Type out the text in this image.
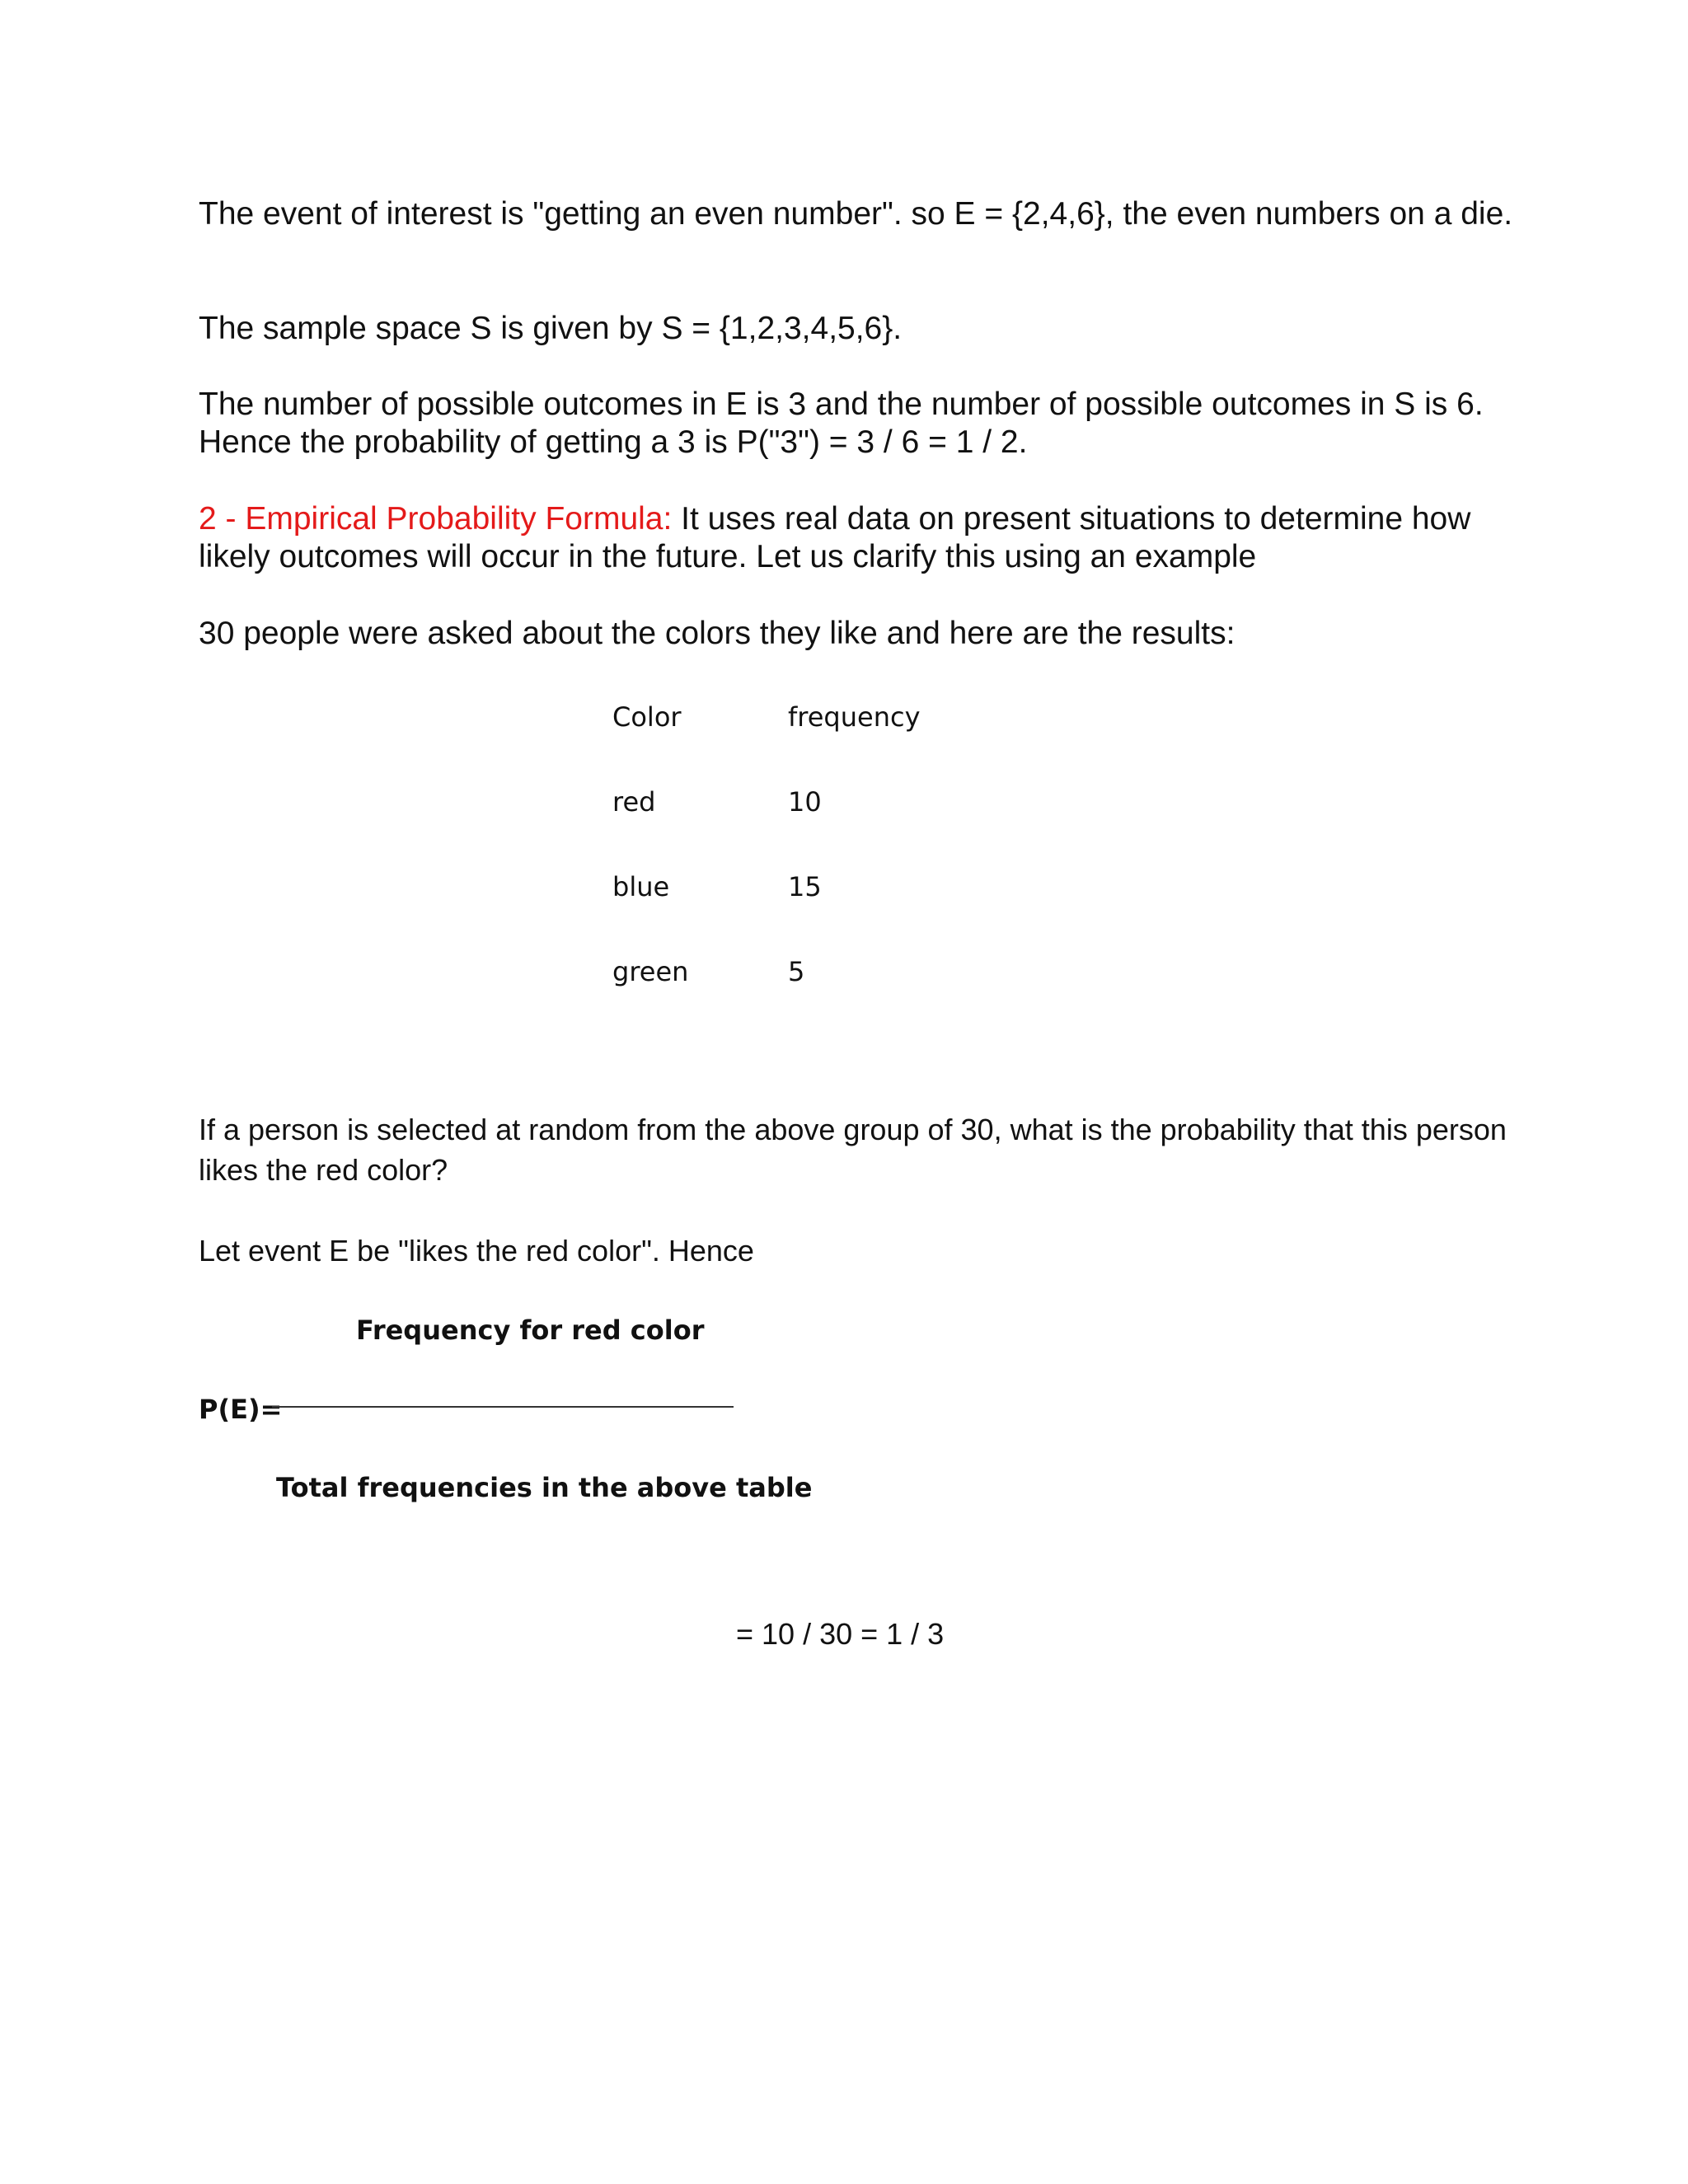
The event of interest is "getting an even number". so E = {2,4,6}, the even numbers on a die.

The sample space S is given by S = {1,2,3,4,5,6}.

The number of possible outcomes in E is 3 and the number of possible outcomes in S is 6. Hence the probability of getting a 3 is P("3") = 3 / 6 = 1 / 2.

2 - Empirical Probability Formula: It uses real data on present situations to determine how likely outcomes will occur in the future. Let us clarify this using an example

30 people were asked about the colors they like and here are the results:

Color	frequency

red	10

blue	15

green	5

If a person is selected at random from the above group of 30, what is the probability that this person likes the red color?

Let event E be "likes the red color". Hence

Frequency for red color

P(E)=

Total frequencies in the above table

= 10 / 30 = 1 / 3
